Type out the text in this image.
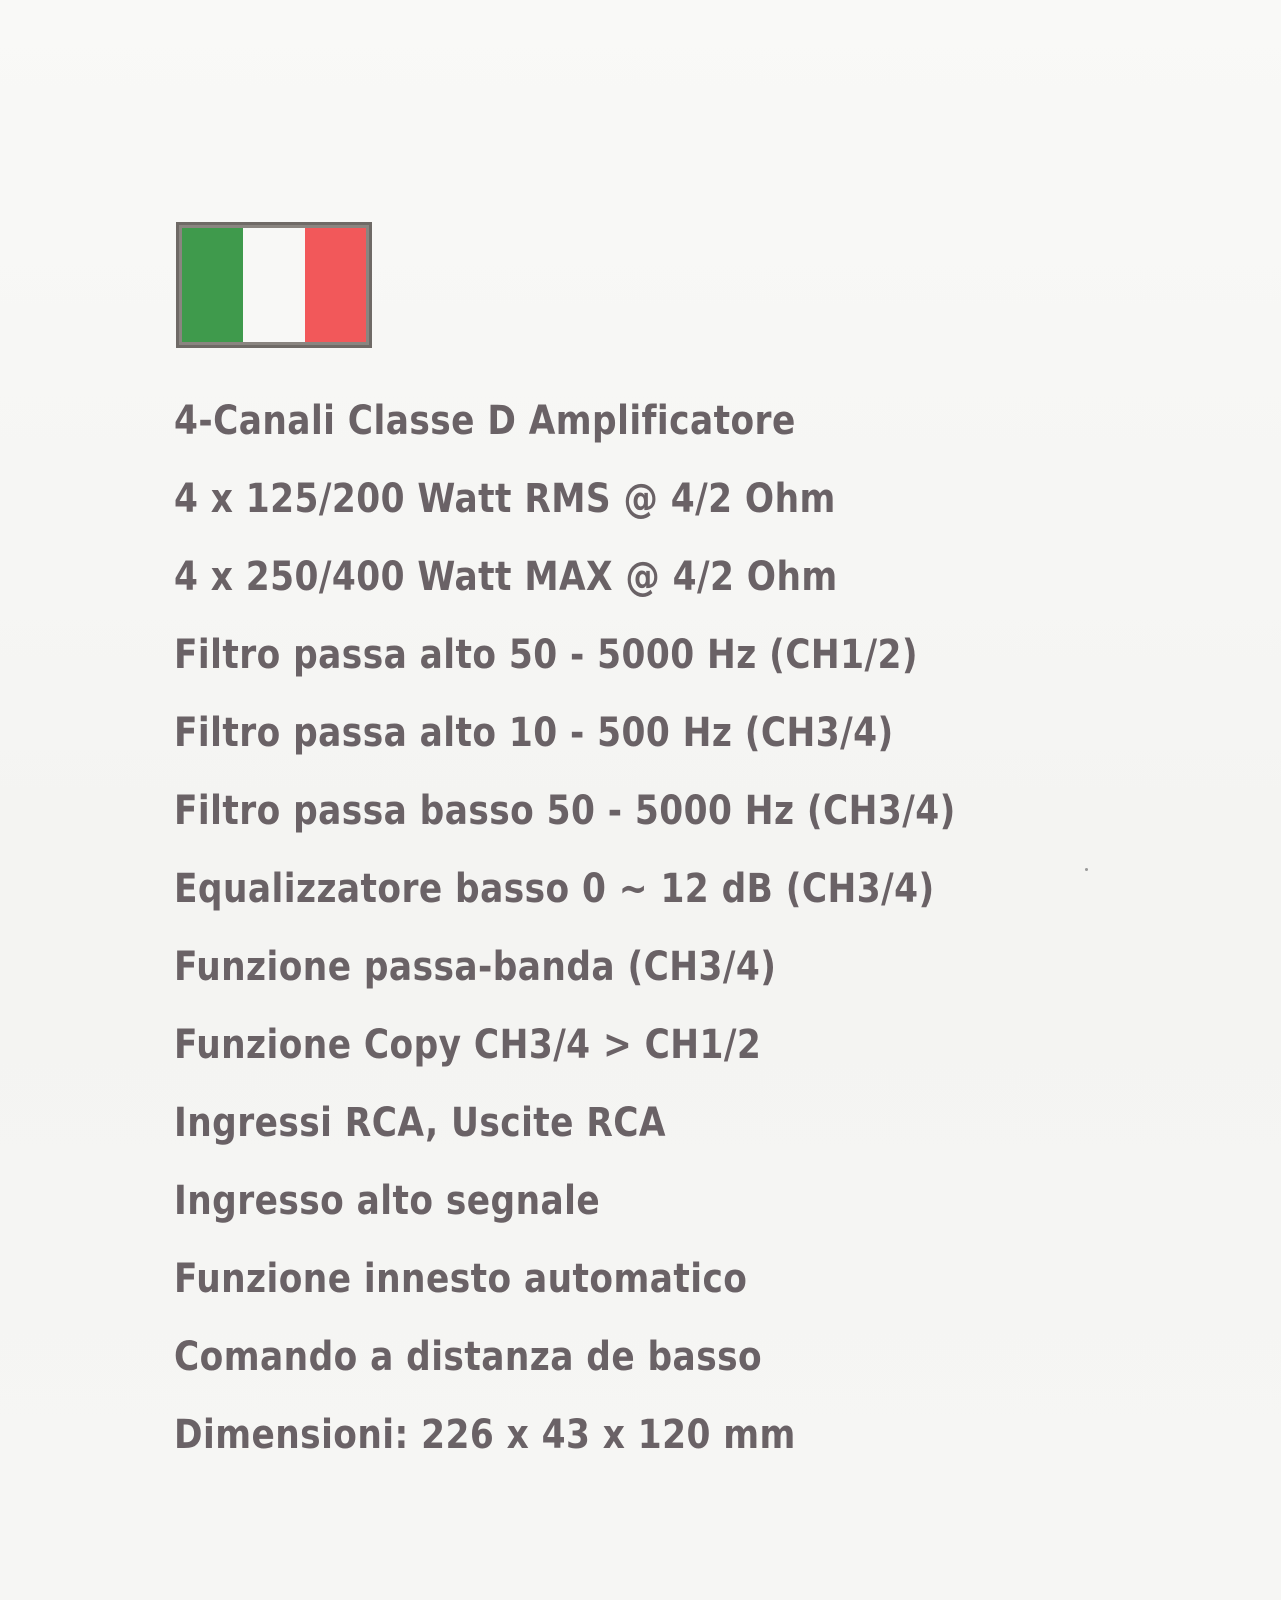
4-Canali Classe D Amplificatore
4 x 125/200 Watt RMS @ 4/2 Ohm
4 x 250/400 Watt MAX @ 4/2 Ohm
Filtro passa alto 50 - 5000 Hz (CH1/2)
Filtro passa alto 10 - 500 Hz (CH3/4)
Filtro passa basso 50 - 5000 Hz (CH3/4)
Equalizzatore basso 0 ~ 12 dB (CH3/4)
Funzione passa-banda (CH3/4)
Funzione Copy CH3/4 > CH1/2
Ingressi RCA, Uscite RCA
Ingresso alto segnale
Funzione innesto automatico
Comando a distanza de basso
Dimensioni: 226 x 43 x 120 mm
